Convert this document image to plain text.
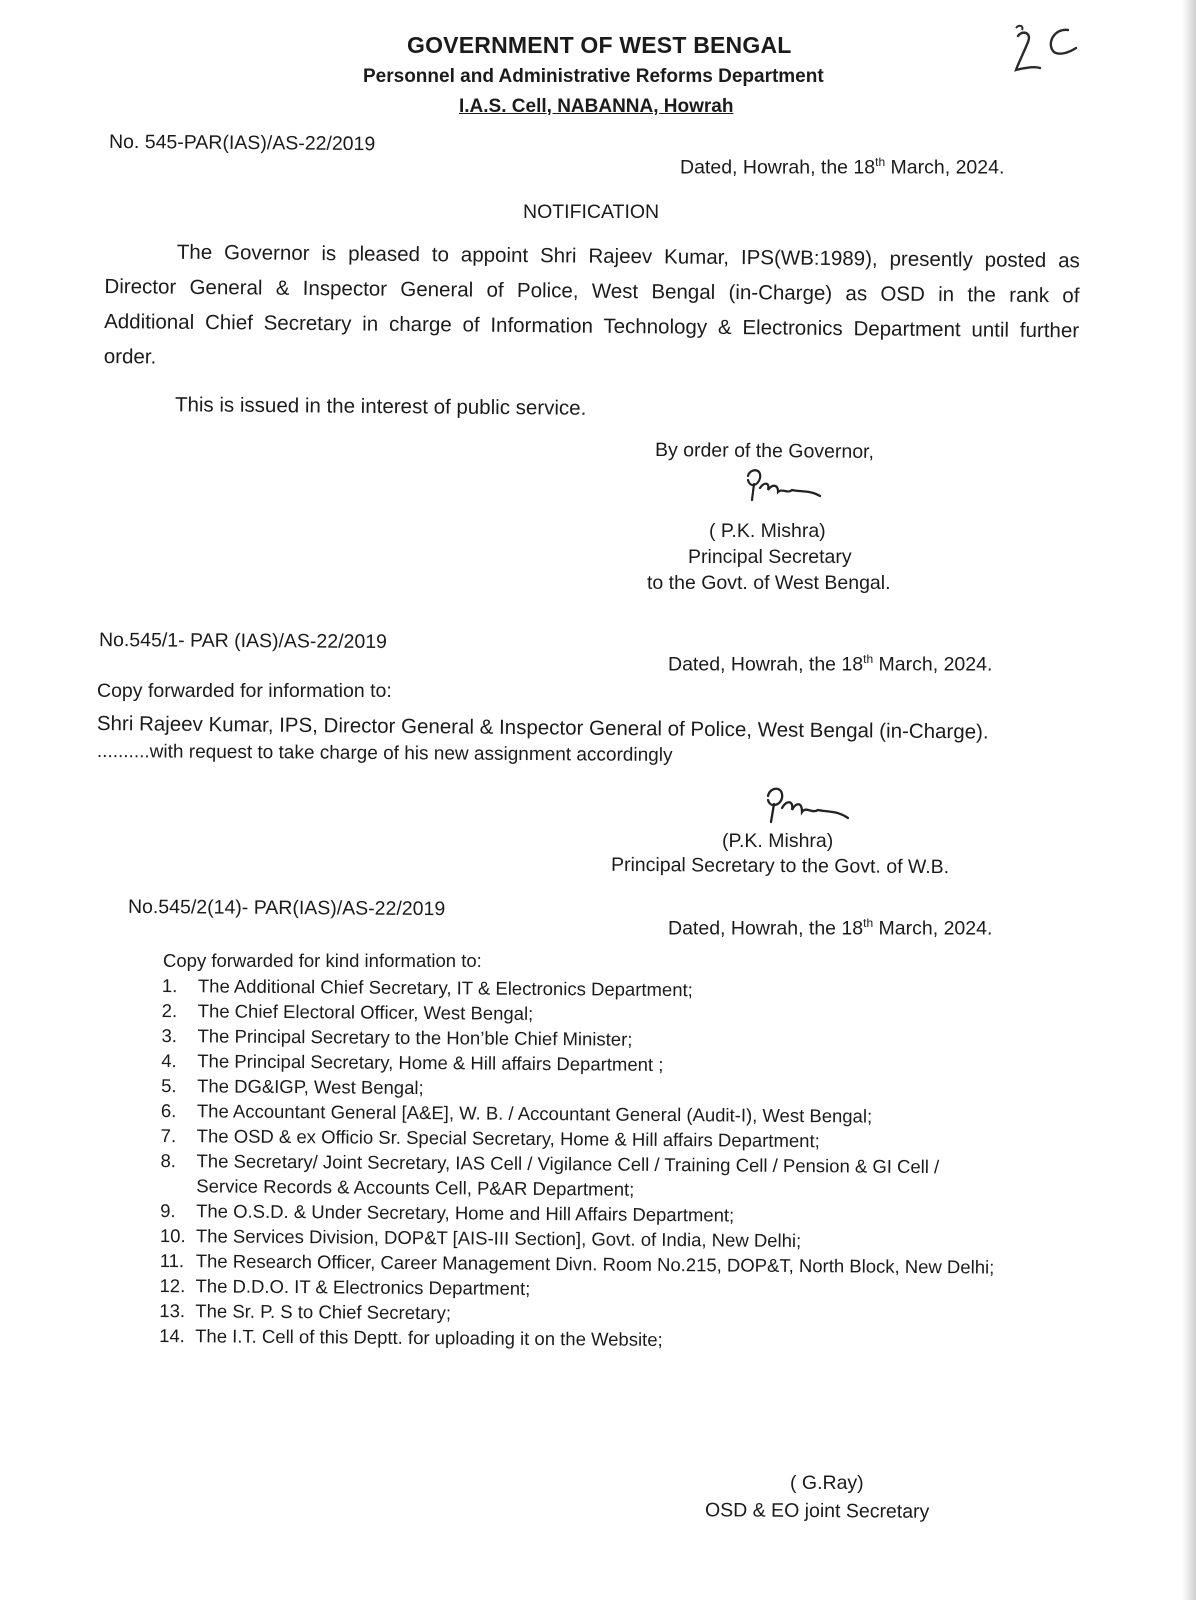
GOVERNMENT OF WEST BENGAL
Personnel and Administrative Reforms Department
I.A.S. Cell, NABANNA, Howrah
No. 545-PAR(IAS)/AS-22/2019
Dated, Howrah, the 18th March, 2024.
NOTIFICATION
The Governor is pleased to appoint Shri Rajeev Kumar, IPS(WB:1989), presently posted as Director General & Inspector General of Police, West Bengal (in-Charge) as OSD in the rank of Additional Chief Secretary in charge of Information Technology & Electronics Department until further order.
This is issued in the interest of public service.
By order of the Governor,
( P.K. Mishra)
Principal Secretary
to the Govt. of West Bengal.
No.545/1- PAR (IAS)/AS-22/2019
Dated, Howrah, the 18th March, 2024.
Copy forwarded for information to:
Shri Rajeev Kumar, IPS, Director General & Inspector General of Police, West Bengal (in-Charge).
..........with request to take charge of his new assignment accordingly
(P.K. Mishra)
Principal Secretary to the Govt. of W.B.
No.545/2(14)- PAR(IAS)/AS-22/2019
Dated, Howrah, the 18th March, 2024.
Copy forwarded for kind information to:
1. The Additional Chief Secretary, IT & Electronics Department;
2. The Chief Electoral Officer, West Bengal;
3. The Principal Secretary to the Hon’ble Chief Minister;
4. The Principal Secretary, Home & Hill affairs Department ;
5. The DG&IGP, West Bengal;
6. The Accountant General [A&E], W. B. / Accountant General (Audit-I), West Bengal;
7. The OSD & ex Officio Sr. Special Secretary, Home & Hill affairs Department;
8. The Secretary/ Joint Secretary, IAS Cell / Vigilance Cell / Training Cell / Pension & GI Cell /
Service Records & Accounts Cell, P&AR Department;
9. The O.S.D. & Under Secretary, Home and Hill Affairs Department;
10. The Services Division, DOP&T [AIS-III Section], Govt. of India, New Delhi;
11. The Research Officer, Career Management Divn. Room No.215, DOP&T, North Block, New Delhi;
12. The D.D.O. IT & Electronics Department;
13. The Sr. P. S to Chief Secretary;
14. The I.T. Cell of this Deptt. for uploading it on the Website;
( G.Ray)
OSD & EO joint Secretary
